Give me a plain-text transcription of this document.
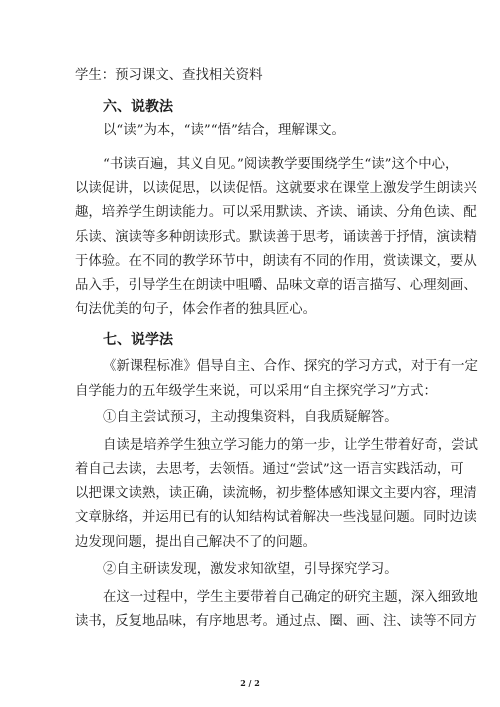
学生：预习课文、查找相关资料
六、说教法
以“读”为本，“读”“悟”结合，理解课文。
“书读百遍，其义自见。”阅读教学要围绕学生“读”这个中心，
以读促讲，以读促思，以读促悟。这就要求在课堂上激发学生朗读兴
趣，培养学生朗读能力。可以采用默读、齐读、诵读、分角色读、配
乐读、演读等多种朗读形式。默读善于思考，诵读善于抒情，演读精
于体验。在不同的教学环节中，朗读有不同的作用，赏读课文，要从
品入手，引导学生在朗读中咀嚼、品味文章的语言描写、心理刻画、
句法优美的句子，体会作者的独具匠心。
七、说学法
《新课程标准》倡导自主、合作、探究的学习方式，对于有一定
自学能力的五年级学生来说，可以采用“自主探究学习”方式：
①自主尝试预习，主动搜集资料，自我质疑解答。
自读是培养学生独立学习能力的第一步，让学生带着好奇，尝试
着自己去读，去思考，去领悟。通过“尝试”这一语言实践活动，可
以把课文读熟，读正确，读流畅，初步整体感知课文主要内容，理清
文章脉络，并运用已有的认知结构试着解决一些浅显问题。同时边读
边发现问题，提出自己解决不了的问题。
②自主研读发现，激发求知欲望，引导探究学习。
在这一过程中，学生主要带着自己确定的研究主题，深入细致地
读书，反复地品味，有序地思考。通过点、圈、画、注、读等不同方
2 / 2
